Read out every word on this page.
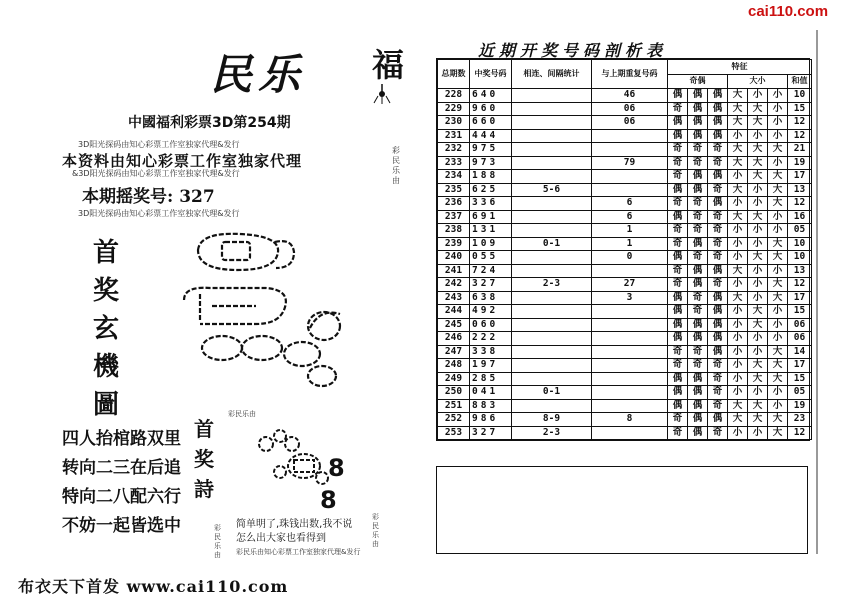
民乐 福
中國福利彩票3D第254期
3D阳光探码由知心彩票工作室独家代理&发行
本资料由知心彩票工作室独家代理
&3D阳光探码由知心彩票工作室独家代理&发行
彩民乐由
本期摇奖号: 327
3D阳光探码由知心彩票工作室独家代理&发行
首
奖
玄
機
圖
四人抬棺路双里
转向二三在后追
特向二八配六行
不妨一起皆选中
首
奖
詩
彩民乐由
8
8
简单明了,珠钱出数,我不说
怎么出大家也看得到
彩民乐由
彩民乐由
彩民乐由知心彩票工作室独家代理&发行
布衣天下首发 www.cai110.com
cai110.com
近期开奖号码剖析表
总期数	中奖号码	相连、间隔统计	与上期重复号码	特征						
				奇偶			大小			和值
228	640		46	偶	偶	偶	大	小	小	10
229	960		06	奇	偶	偶	大	大	小	15
230	660		06	偶	偶	偶	大	大	小	12
231	444			偶	偶	偶	小	小	小	12
232	975			奇	奇	奇	大	大	大	21
233	973		79	奇	奇	奇	大	大	小	19
234	188			奇	偶	偶	小	大	大	17
235	625	5-6		偶	偶	奇	大	小	大	13
236	336		6	奇	奇	偶	小	小	大	12
237	691		6	偶	奇	奇	大	大	小	16
238	131		1	奇	奇	奇	小	小	小	05
239	109	0-1	1	奇	偶	奇	小	小	大	10
240	055		0	偶	奇	奇	小	大	大	10
241	724			奇	偶	偶	大	小	小	13
242	327	2-3	27	奇	偶	奇	小	小	大	12
243	638		3	偶	奇	偶	大	小	大	17
244	492			偶	奇	偶	小	大	小	15
245	060			偶	偶	偶	小	大	小	06
246	222			偶	偶	偶	小	小	小	06
247	338			奇	奇	偶	小	小	大	14
248	197			奇	奇	奇	小	大	大	17
249	285			偶	偶	奇	小	大	大	15
250	041	0-1		偶	偶	奇	小	小	小	05
251	883			偶	偶	奇	大	大	小	19
252	986	8-9	8	奇	偶	偶	大	大	大	23
253	327	2-3		奇	偶	奇	小	小	大	12
